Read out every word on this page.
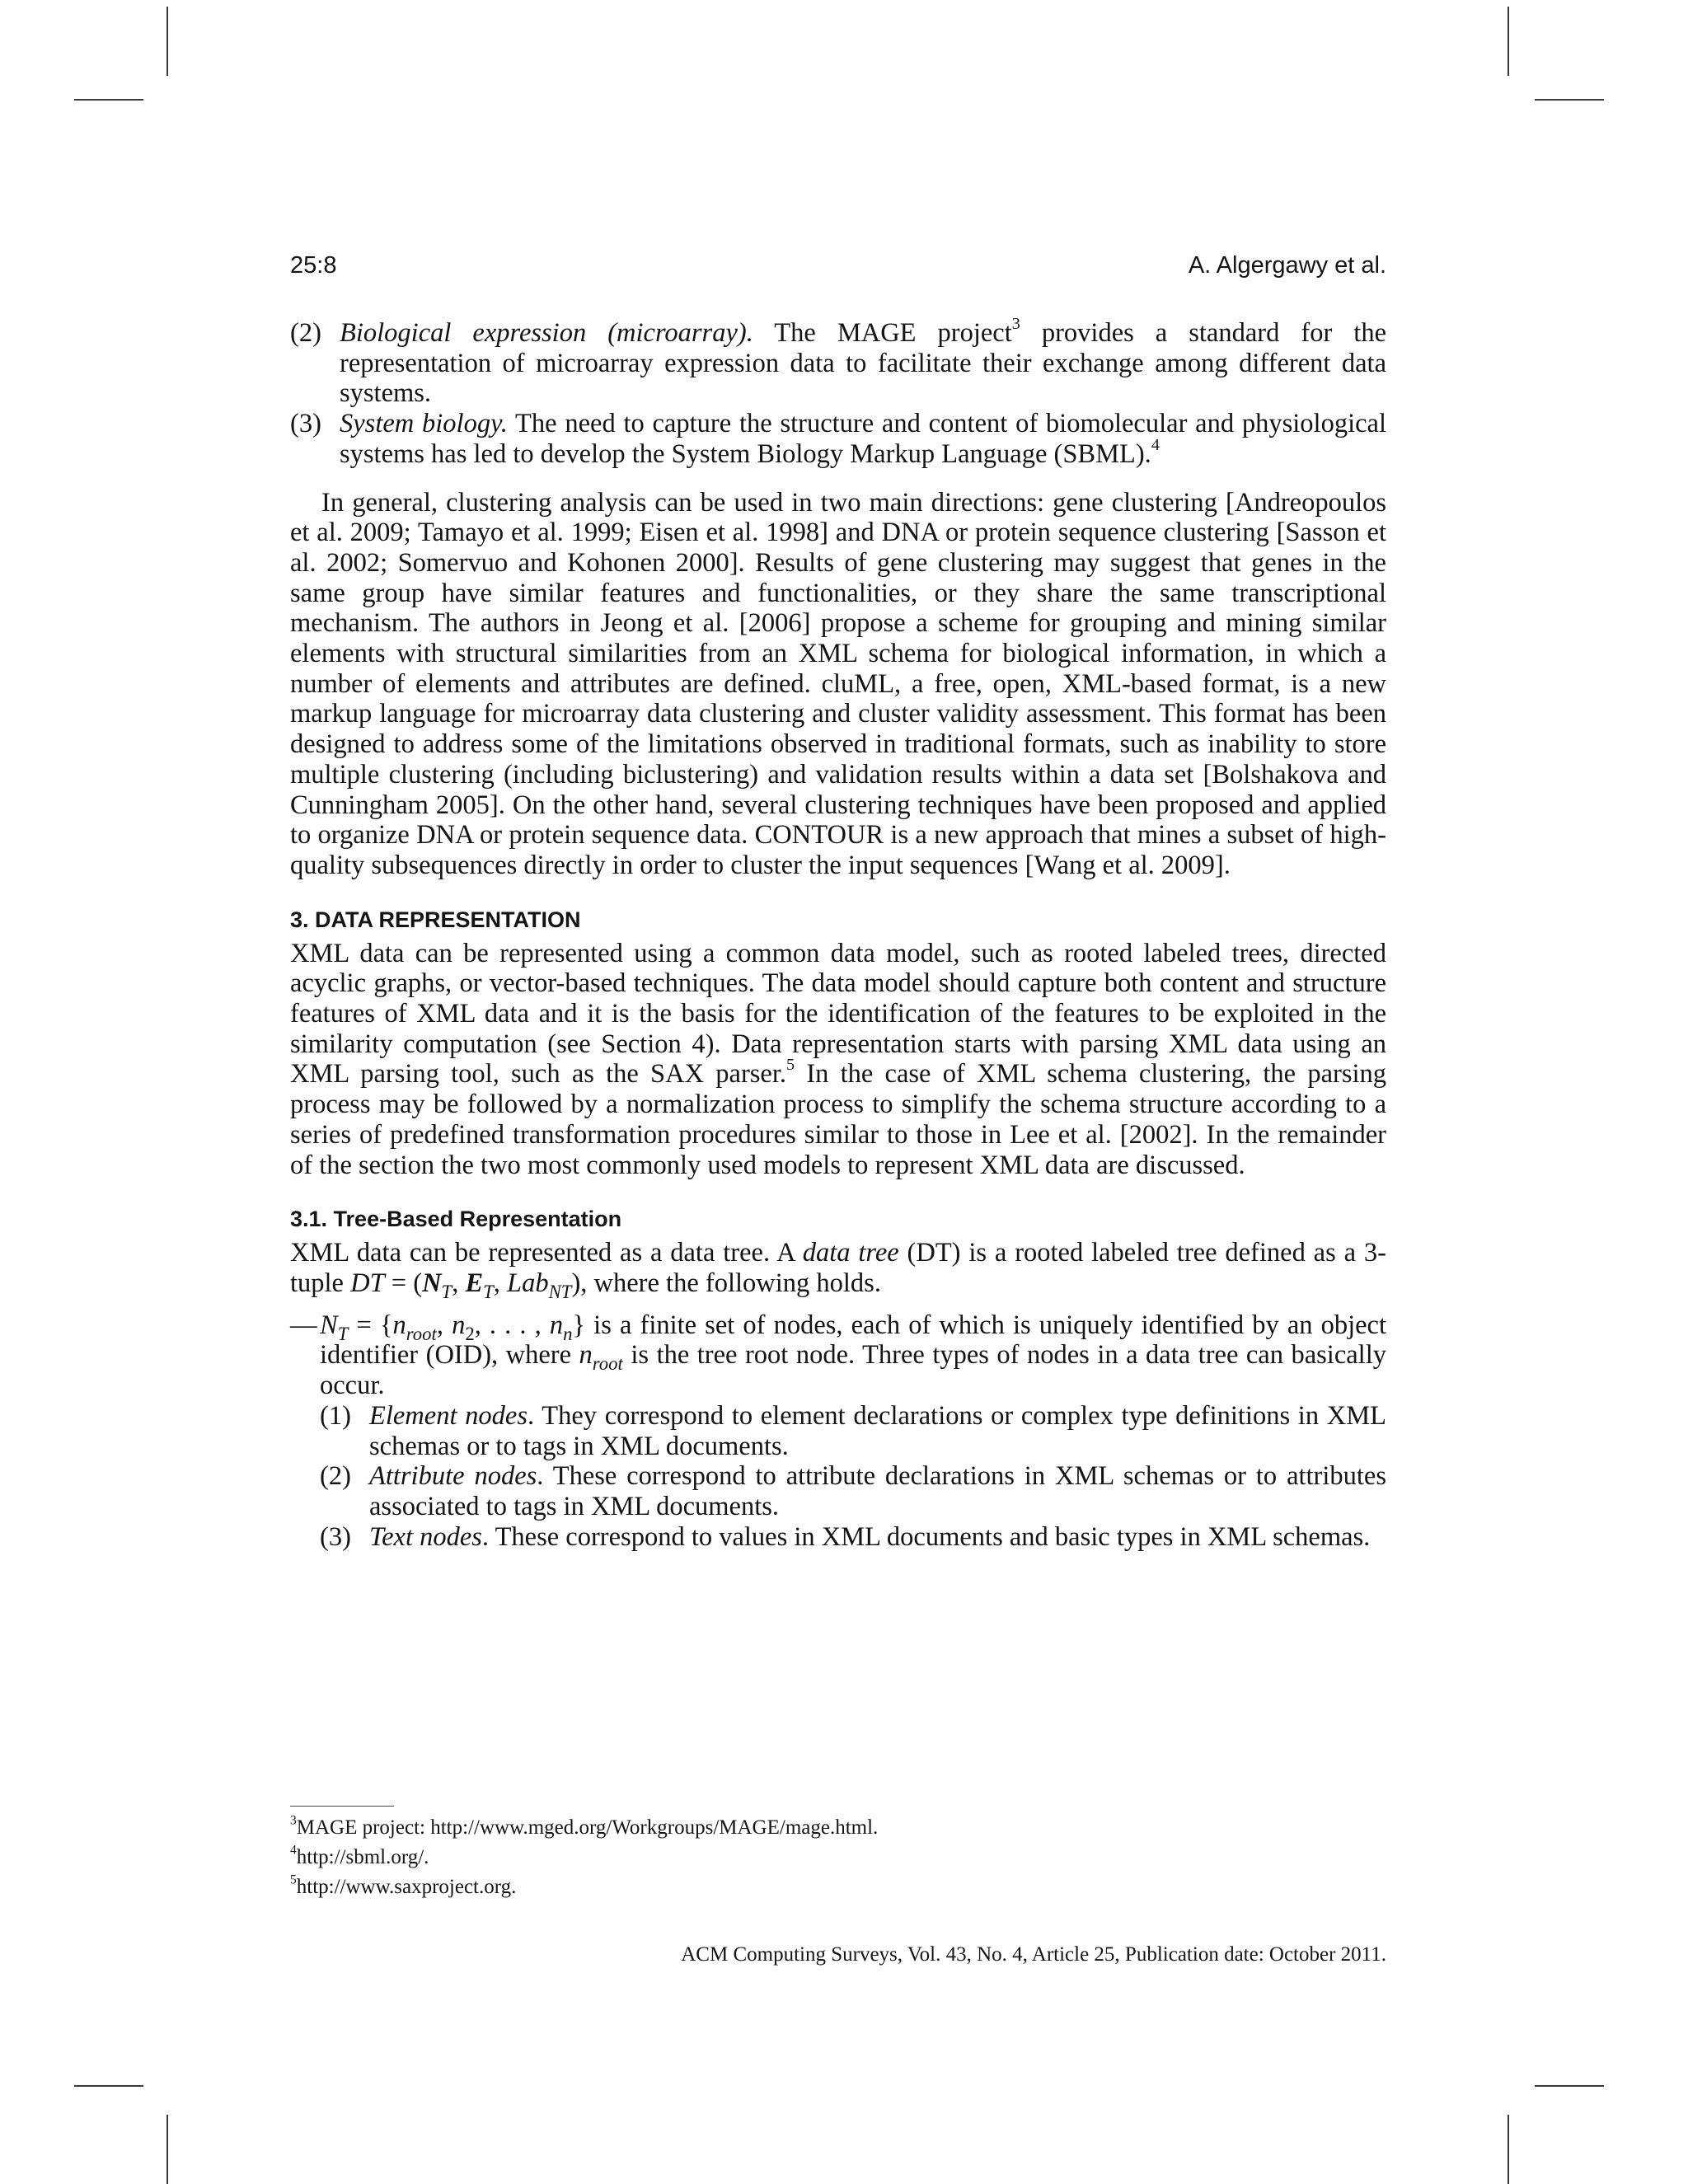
25:8	A. Algergawy et al.

(2) Biological expression (microarray). The MAGE project$^3$ provides a standard for the representation of microarray expression data to facilitate their exchange among different data systems.

(3) System biology. The need to capture the structure and content of biomolecular and physiological systems has led to develop the System Biology Markup Language (SBML).$^4$

In general, clustering analysis can be used in two main directions: gene clustering [Andreopoulos et al. 2009; Tamayo et al. 1999; Eisen et al. 1998] and DNA or protein sequence clustering [Sasson et al. 2002; Somervuo and Kohonen 2000]. Results of gene clustering may suggest that genes in the same group have similar features and functionalities, or they share the same transcriptional mechanism. The authors in Jeong et al. [2006] propose a scheme for grouping and mining similar elements with structural similarities from an XML schema for biological information, in which a number of elements and attributes are defined. cluML, a free, open, XML-based format, is a new markup language for microarray data clustering and cluster validity assessment. This format has been designed to address some of the limitations observed in traditional formats, such as inability to store multiple clustering (including biclustering) and validation results within a data set [Bolshakova and Cunningham 2005]. On the other hand, several clustering techniques have been proposed and applied to organize DNA or protein sequence data. CONTOUR is a new approach that mines a subset of high-quality subsequences directly in order to cluster the input sequences [Wang et al. 2009].

3. DATA REPRESENTATION

XML data can be represented using a common data model, such as rooted labeled trees, directed acyclic graphs, or vector-based techniques. The data model should capture both content and structure features of XML data and it is the basis for the identification of the features to be exploited in the similarity computation (see Section 4). Data representation starts with parsing XML data using an XML parsing tool, such as the SAX parser.$^5$ In the case of XML schema clustering, the parsing process may be followed by a normalization process to simplify the schema structure according to a series of predefined transformation procedures similar to those in Lee et al. [2002]. In the remainder of the section the two most commonly used models to represent XML data are discussed.

3.1. Tree-Based Representation

XML data can be represented as a data tree. A data tree (DT) is a rooted labeled tree defined as a 3-tuple DT = ($N_T$, $E_T$, Lab$_{NT}$), where the following holds.

— $N_T = \{n_{root}$, $n_2$, . . . , $n_n$} is a finite set of nodes, each of which is uniquely identified by an object identifier (OID), where $n_{root}$ is the tree root node. Three types of nodes in a data tree can basically occur.

(1) Element nodes. They correspond to element declarations or complex type definitions in XML schemas or to tags in XML documents.

(2) Attribute nodes. These correspond to attribute declarations in XML schemas or to attributes associated to tags in XML documents.

(3) Text nodes. These correspond to values in XML documents and basic types in XML schemas.

$^3$MAGE project: http://www.mged.org/Workgroups/MAGE/mage.html.

$^4$http://sbml.org/.

$^5$http://www.saxproject.org.

ACM Computing Surveys, Vol. 43, No. 4, Article 25, Publication date: October 2011.
